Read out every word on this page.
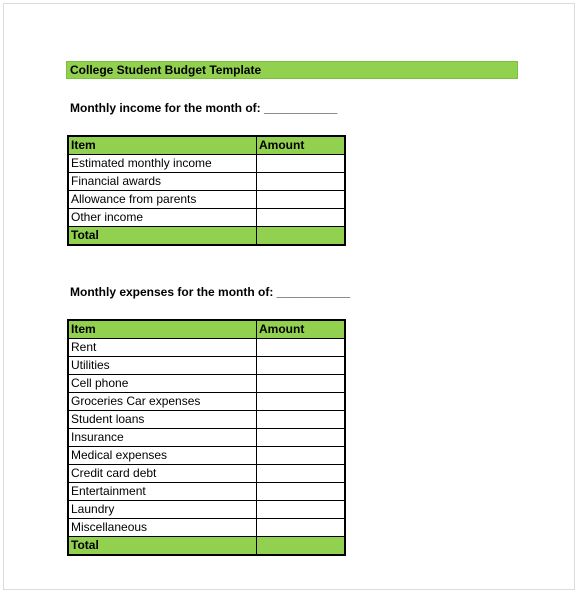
College Student Budget Template
Monthly income for the month of: ___________
Item	Amount
Estimated monthly income	
Financial awards	
Allowance from parents	
Other income	
Total	
Monthly expenses for the month of: ___________
Item	Amount
Rent	
Utilities	
Cell phone	
Groceries Car expenses	
Student loans	
Insurance	
Medical expenses	
Credit card debt	
Entertainment	
Laundry	
Miscellaneous	
Total	
